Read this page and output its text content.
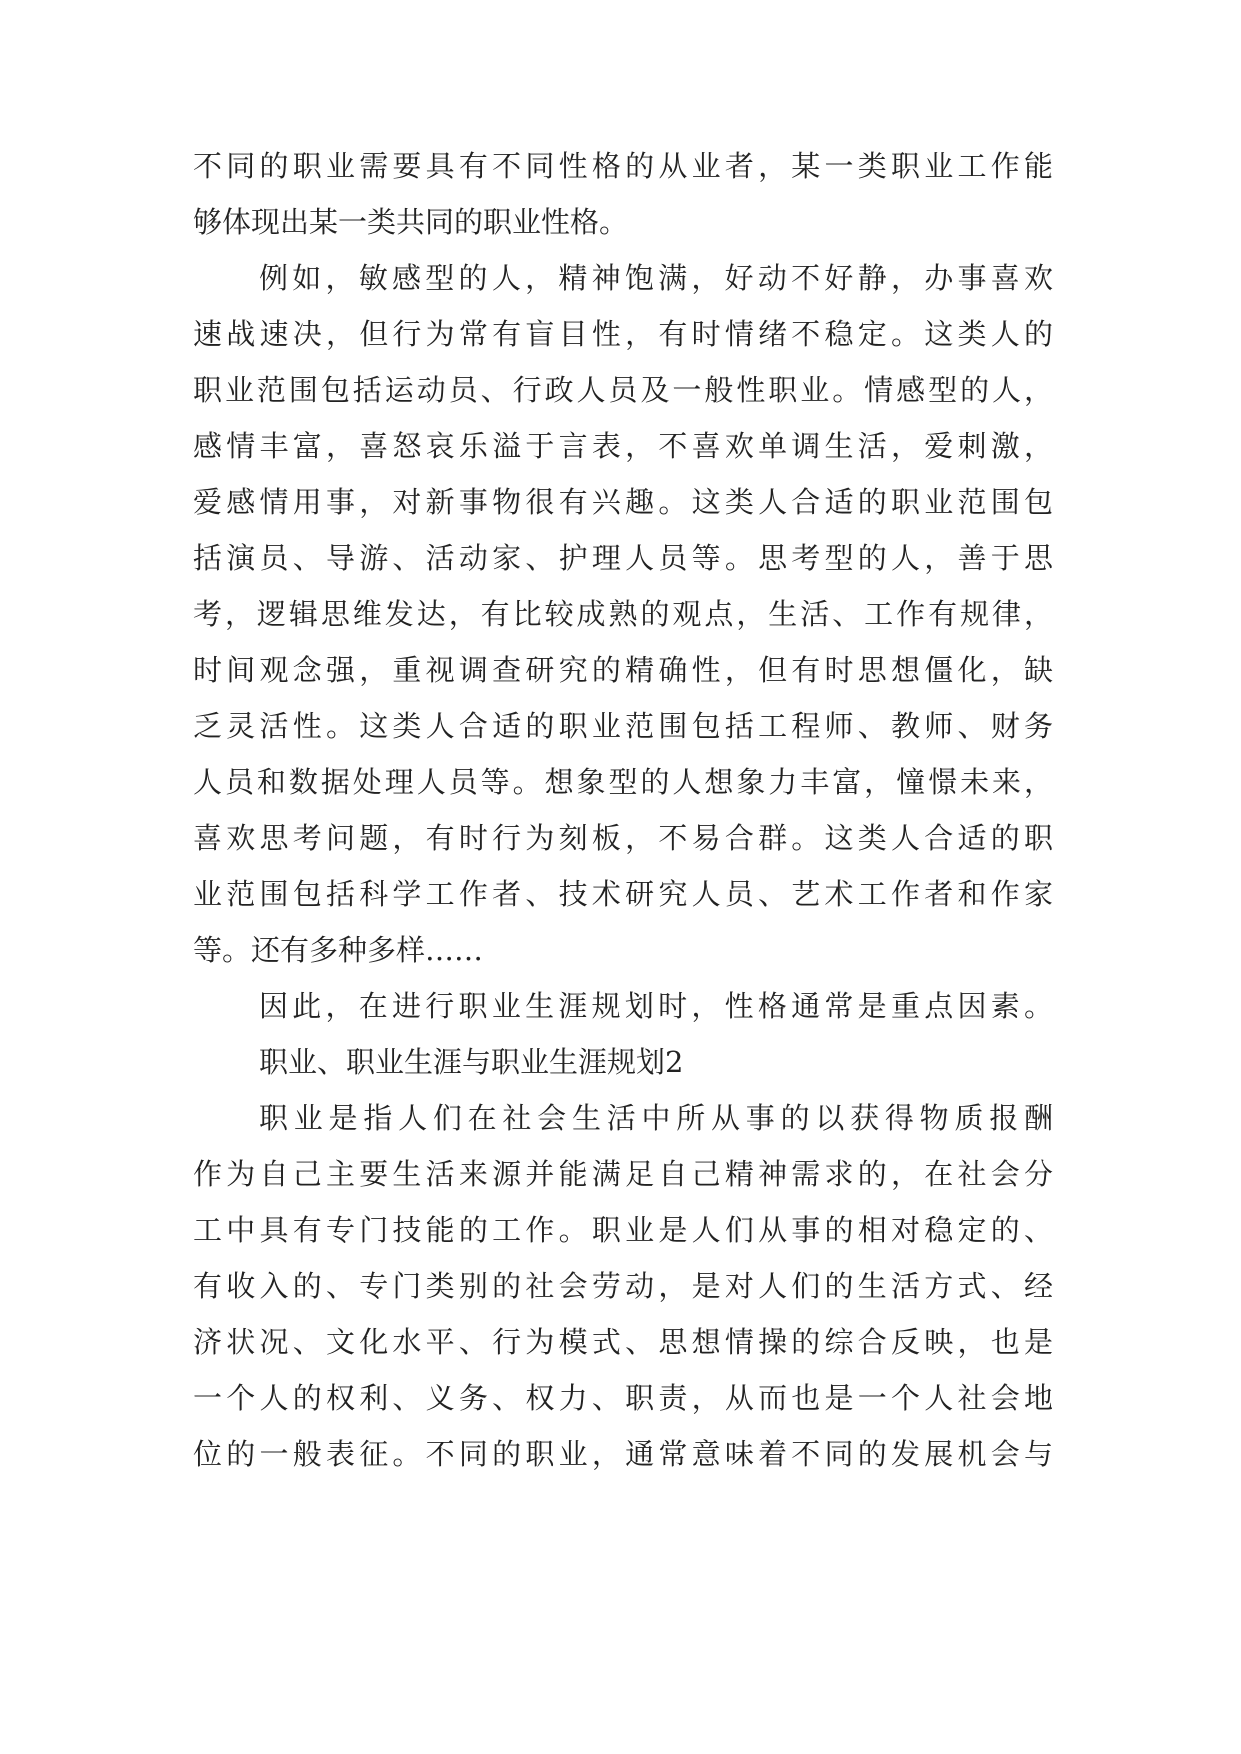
不同的职业需要具有不同性格的从业者，某一类职业工作能
够体现出某一类共同的职业性格。
例如，敏感型的人，精神饱满，好动不好静，办事喜欢
速战速决，但行为常有盲目性，有时情绪不稳定。这类人的
职业范围包括运动员、行政人员及一般性职业。情感型的人，
感情丰富，喜怒哀乐溢于言表，不喜欢单调生活，爱刺激，
爱感情用事，对新事物很有兴趣。这类人合适的职业范围包
括演员、导游、活动家、护理人员等。思考型的人，善于思
考，逻辑思维发达，有比较成熟的观点，生活、工作有规律，
时间观念强，重视调查研究的精确性，但有时思想僵化，缺
乏灵活性。这类人合适的职业范围包括工程师、教师、财务
人员和数据处理人员等。想象型的人想象力丰富，憧憬未来，
喜欢思考问题，有时行为刻板，不易合群。这类人合适的职
业范围包括科学工作者、技术研究人员、艺术工作者和作家
等。还有多种多样……
因此，在进行职业生涯规划时，性格通常是重点因素。
职业、职业生涯与职业生涯规划2
职业是指人们在社会生活中所从事的以获得物质报酬
作为自己主要生活来源并能满足自己精神需求的，在社会分
工中具有专门技能的工作。职业是人们从事的相对稳定的、
有收入的、专门类别的社会劳动，是对人们的生活方式、经
济状况、文化水平、行为模式、思想情操的综合反映，也是
一个人的权利、义务、权力、职责，从而也是一个人社会地
位的一般表征。不同的职业，通常意味着不同的发展机会与
